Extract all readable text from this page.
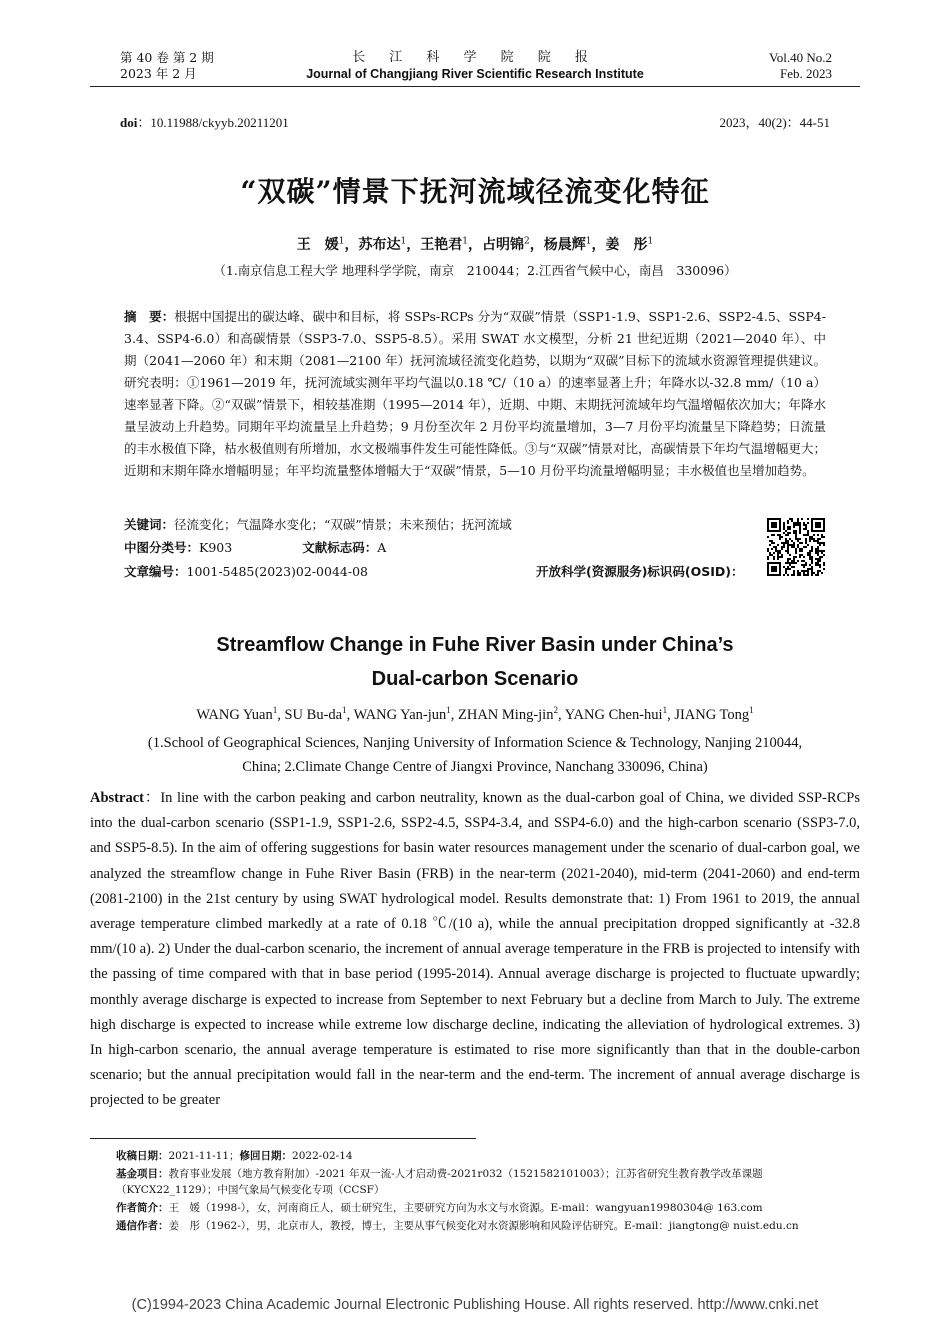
第 40 卷 第 2 期
2023 年 2 月
长 江 科 学 院 院 报
Journal of Changjiang River Scientific Research Institute
Vol.40 No.2
Feb. 2023
doi：10.11988/ckyyb.20211201	2023，40(2)：44-51
“双碳”情景下抚河流域径流变化特征
王　媛$^1$，苏布达$^1$，王艳君$^1$，占明锦$^2$，杨晨辉$^1$，姜　彤$^1$
（1.南京信息工程大学 地理科学学院，南京　210044；2.江西省气候中心，南昌　330096）
摘　要：根据中国提出的碳达峰、碳中和目标，将 SSPs-RCPs 分为“双碳”情景（SSP1-1.9、SSP1-2.6、SSP2-4.5、SSP4-3.4、SSP4-6.0）和高碳情景（SSP3-7.0、SSP5-8.5）。采用 SWAT 水文模型，分析 21 世纪近期（2021—2040 年）、中期（2041—2060 年）和末期（2081—2100 年）抚河流域径流变化趋势，以期为“双碳”目标下的流域水资源管理提供建议。研究表明：①1961—2019 年，抚河流域实测年平均气温以0.18 ℃/（10 a）的速率显著上升；年降水以-32.8 mm/（10 a）速率显著下降。②“双碳”情景下，相较基准期（1995—2014 年），近期、中期、末期抚河流域年均气温增幅依次加大；年降水量呈波动上升趋势。同期年平均流量呈上升趋势；9 月份至次年 2 月份平均流量增加，3—7 月份平均流量呈下降趋势；日流量的丰水极值下降，枯水极值则有所增加，水文极端事件发生可能性降低。③与“双碳”情景对比，高碳情景下年均气温增幅更大；近期和末期年降水增幅明显；年平均流量整体增幅大于“双碳”情景，5—10 月份平均流量增幅明显；丰水极值也呈增加趋势。
关键词：径流变化；气温降水变化；“双碳”情景；未来预估；抚河流域
中图分类号：K903	文献标志码：A
文章编号：1001-5485(2023)02-0044-08	开放科学(资源服务)标识码(OSID)：
Streamflow Change in Fuhe River Basin under China’s
Dual-carbon Scenario
WANG Yuan$^1$, SU $Bu-da^1$, WANG Yan-jun$^1$, ZHAN Ming-jin$^2$, YANG Chen-hui$^1$, JIANG Tong$^1$
(1.School of Geographical Sciences, Nanjing University of Information Science & Technology, Nanjing 210044,
China; 2.Climate Change Centre of Jiangxi Province, Nanchang 330096, China)
Abstract：In line with the carbon peaking and carbon neutrality, known as the dual-carbon goal of China, we divided SSP-RCPs into the dual-carbon scenario (SSP1-1.9, SSP1-2.6, SSP2-4.5, SSP4-3.4, and SSP4-6.0) and the high-carbon scenario (SSP3-7.0, and SSP5-8.5). In the aim of offering suggestions for basin water resources management under the scenario of dual-carbon goal, we analyzed the streamflow change in Fuhe River Basin (FRB) in the near-term (2021-2040), mid-term (2041-2060) and end-term (2081-2100) in the 21st century by using SWAT hydrological model. Results demonstrate that: 1) From 1961 to 2019, the annual average temperature climbed markedly at a rate of 0.18 ℃/(10 a), while the annual precipitation dropped significantly at -32.8 mm/(10 a). 2) Under the dual-carbon scenario, the increment of annual average temperature in the FRB is projected to intensify with the passing of time compared with that in base period (1995-2014). Annual average discharge is projected to fluctuate upwardly; monthly average discharge is expected to increase from September to next February but a decline from March to July. The extreme high discharge is expected to increase while extreme low discharge decline, indicating the alleviation of hydrological extremes. 3) In high-carbon scenario, the annual average temperature is estimated to rise more significantly than that in the double-carbon scenario; but the annual precipitation would fall in the near-term and the end-term. The increment of annual average discharge is projected to be greater
收稿日期：2021-11-11；修回日期：2022-02-14
基金项目：教育事业发展（地方教育附加）-2021 年双一流-人才启动费-2021r032（1521582101003）；江苏省研究生教育教学改革课题（KYCX22_1129）；中国气象局气候变化专项（CCSF）
作者简介：王　媛（1998-），女，河南商丘人，硕士研究生，主要研究方向为水文与水资源。E-mail：wangyuan19980304@ 163.com
通信作者：姜　彤（1962-），男，北京市人，教授，博士，主要从事气候变化对水资源影响和风险评估研究。E-mail：jiangtong@ nuist.edu.cn
(C)1994-2023 China Academic Journal Electronic Publishing House. All rights reserved. http://www.cnki.net
